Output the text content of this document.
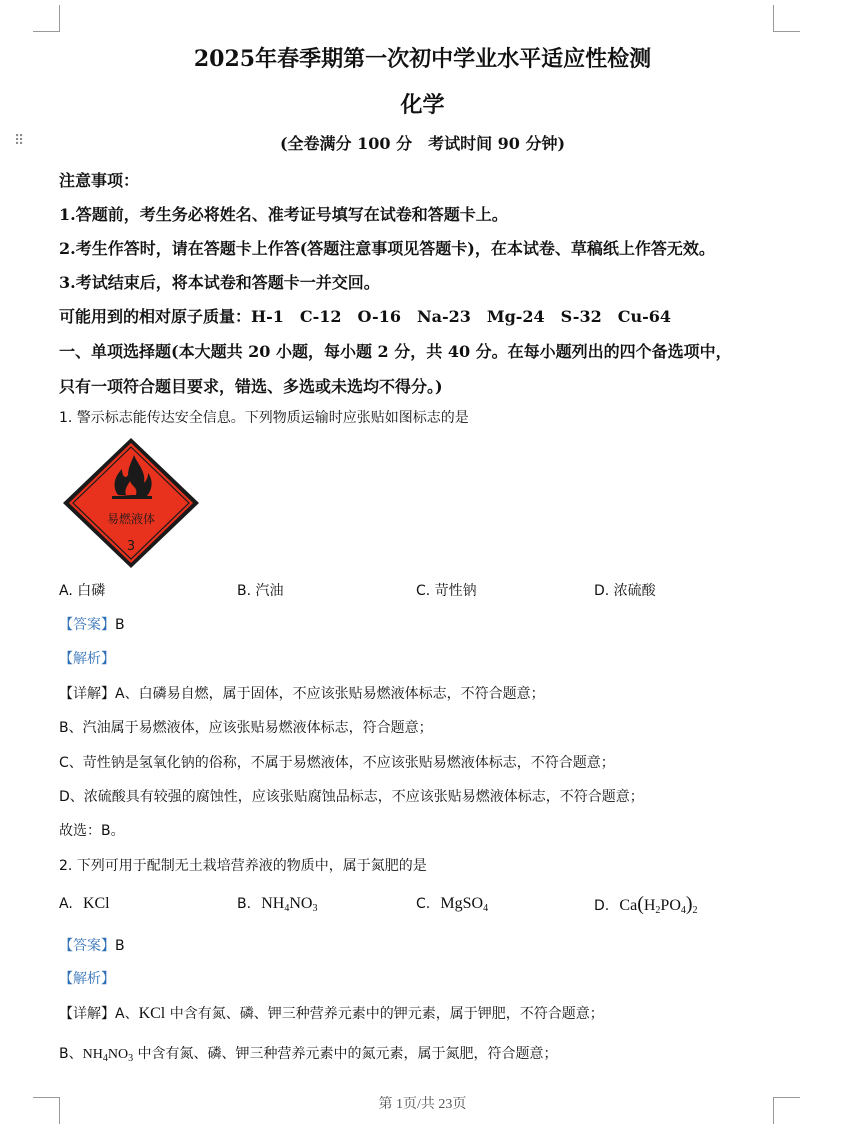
⠿
2025年春季期第一次初中学业水平适应性检测
化学
(全卷满分 100 分　考试时间 90 分钟)
注意事项：
1.答题前，考生务必将姓名、准考证号填写在试卷和答题卡上。
2.考生作答时，请在答题卡上作答(答题注意事项见答题卡)，在本试卷、草稿纸上作答无效。
3.考试结束后，将本试卷和答题卡一并交回。
可能用到的相对原子质量：H-1　C-12　O-16　Na-23　Mg-24　S-32　Cu-64
一、单项选择题(本大题共 20 小题，每小题 2 分，共 40 分。在每小题列出的四个备选项中，
只有一项符合题目要求，错选、多选或未选均不得分。)
1. 警示标志能传达安全信息。下列物质运输时应张贴如图标志的是
易燃液体
3
A. 白磷	B. 汽油	C. 苛性钠	D. 浓硫酸
【答案】B
【解析】
【详解】A、白磷易自燃，属于固体，不应该张贴易燃液体标志，不符合题意；
B、汽油属于易燃液体，应该张贴易燃液体标志，符合题意；
C、苛性钠是氢氧化钠的俗称，不属于易燃液体，不应该张贴易燃液体标志，不符合题意；
D、浓硫酸具有较强的腐蚀性，应该张贴腐蚀品标志，不应该张贴易燃液体标志，不符合题意；
故选：B。
2. 下列可用于配制无土栽培营养液的物质中，属于氮肥的是
A. KCl	B. $NH_4NO_3$	C. MgSO$_4$	D. $Ca(H_2PO_4)_2$
【答案】B
【解析】
【详解】A、KCl 中含有氮、磷、钾三种营养元素中的钾元素，属于钾肥，不符合题意；
B、$NH_4NO_3$ 中含有氮、磷、钾三种营养元素中的氮元素，属于氮肥，符合题意；
第 1页/共 23页
